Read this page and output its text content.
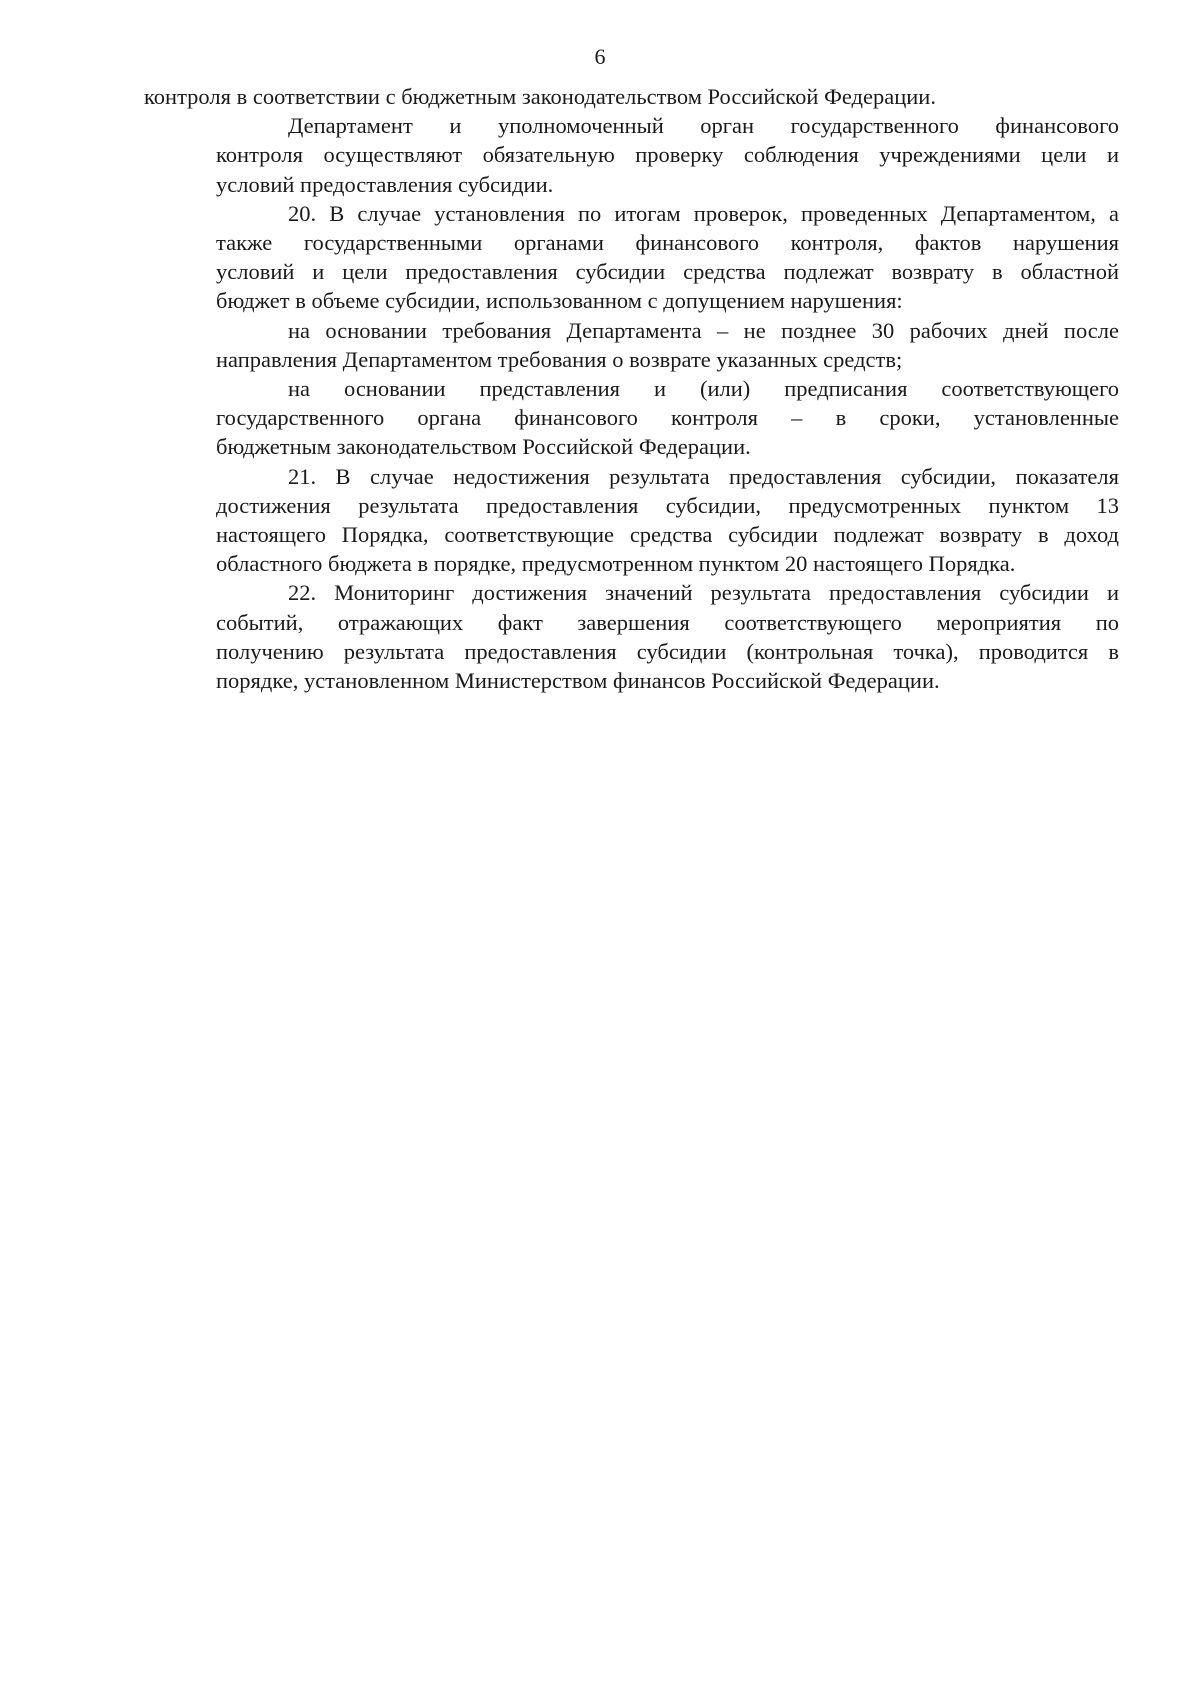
6
контроля в соответствии с бюджетным законодательством Российской Федерации.
Департамент и уполномоченный орган государственного финансового
контроля осуществляют обязательную проверку соблюдения учреждениями цели и
условий предоставления субсидии.
20. В случае установления по итогам проверок, проведенных Департаментом, а
также государственными органами финансового контроля, фактов нарушения
условий и цели предоставления субсидии средства подлежат возврату в областной
бюджет в объеме субсидии, использованном с допущением нарушения:
на основании требования Департамента – не позднее 30 рабочих дней после
направления Департаментом требования о возврате указанных средств;
на основании представления и (или) предписания соответствующего
государственного органа финансового контроля – в сроки, установленные
бюджетным законодательством Российской Федерации.
21. В случае недостижения результата предоставления субсидии, показателя
достижения результата предоставления субсидии, предусмотренных пунктом 13
настоящего Порядка, соответствующие средства субсидии подлежат возврату в доход
областного бюджета в порядке, предусмотренном пунктом 20 настоящего Порядка.
22. Мониторинг достижения значений результата предоставления субсидии и
событий, отражающих факт завершения соответствующего мероприятия по
получению результата предоставления субсидии (контрольная точка), проводится в
порядке, установленном Министерством финансов Российской Федерации.
